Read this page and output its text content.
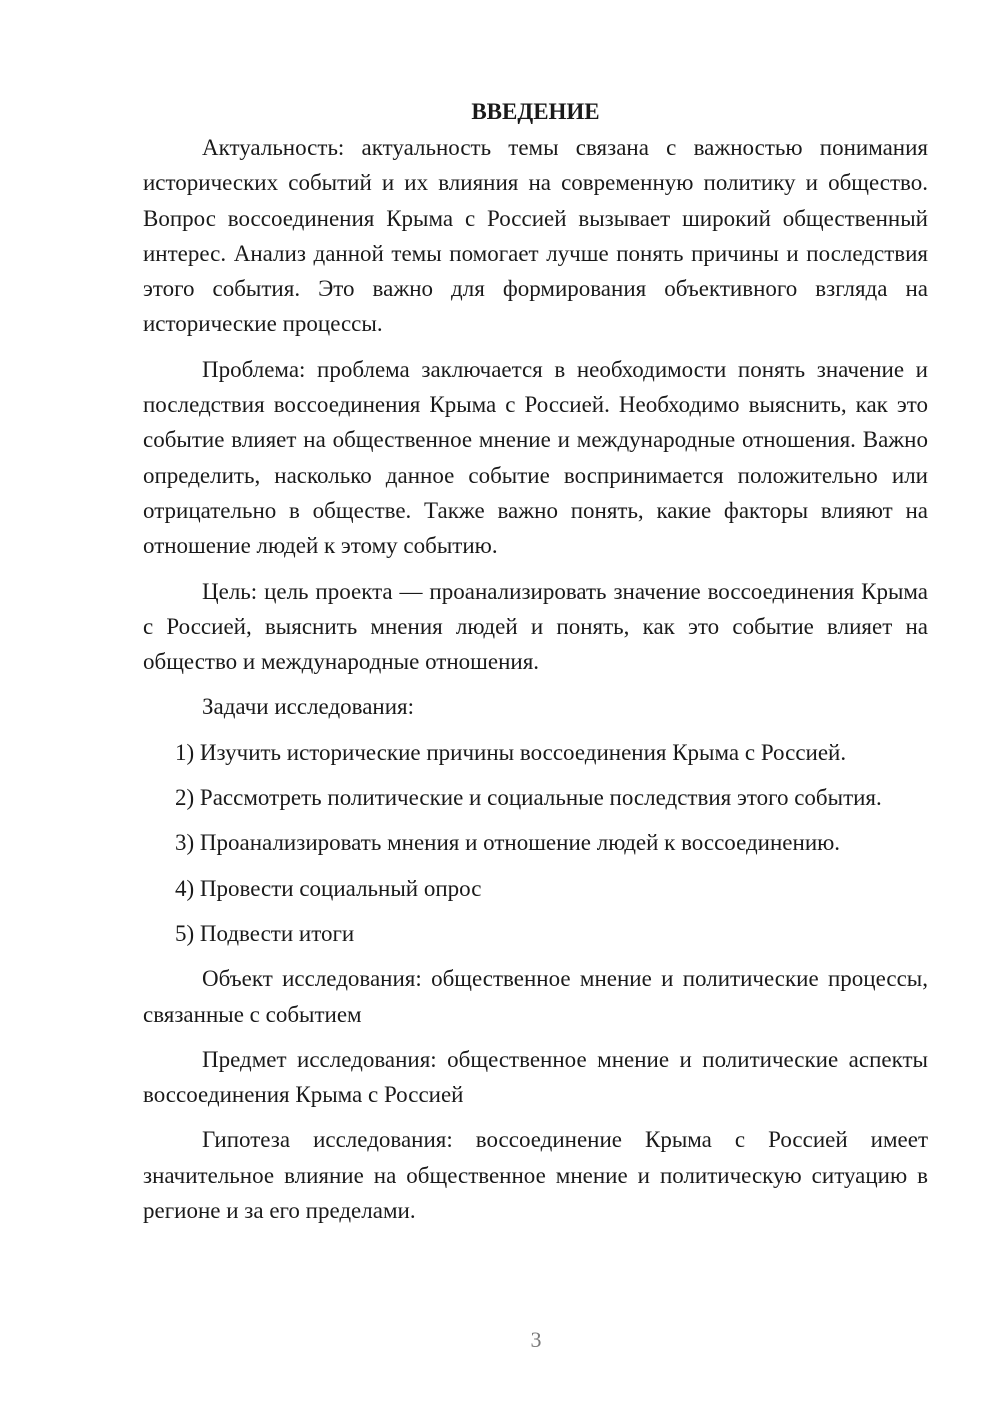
ВВЕДЕНИЕ

Актуальность: актуальность темы связана с важностью понимания исторических событий и их влияния на современную политику и общество. Вопрос воссоединения Крыма с Россией вызывает широкий общественный интерес. Анализ данной темы помогает лучше понять причины и последствия этого события. Это важно для формирования объективного взгляда на исторические процессы.

Проблема: проблема заключается в необходимости понять значение и последствия воссоединения Крыма с Россией. Необходимо выяснить, как это событие влияет на общественное мнение и международные отношения. Важно определить, насколько данное событие воспринимается положительно или отрицательно в обществе. Также важно понять, какие факторы влияют на отношение людей к этому событию.

Цель: цель проекта — проанализировать значение воссоединения Крыма с Россией, выяснить мнения людей и понять, как это событие влияет на общество и международные отношения.

Задачи исследования:

1) Изучить исторические причины воссоединения Крыма с Россией.

2) Рассмотреть политические и социальные последствия этого события.

3) Проанализировать мнения и отношение людей к воссоединению.

4) Провести социальный опрос

5) Подвести итоги

Объект исследования: общественное мнение и политические процессы, связанные с событием

Предмет исследования: общественное мнение и политические аспекты воссоединения Крыма с Россией

Гипотеза исследования: воссоединение Крыма с Россией имеет значительное влияние на общественное мнение и политическую ситуацию в регионе и за его пределами.

3
